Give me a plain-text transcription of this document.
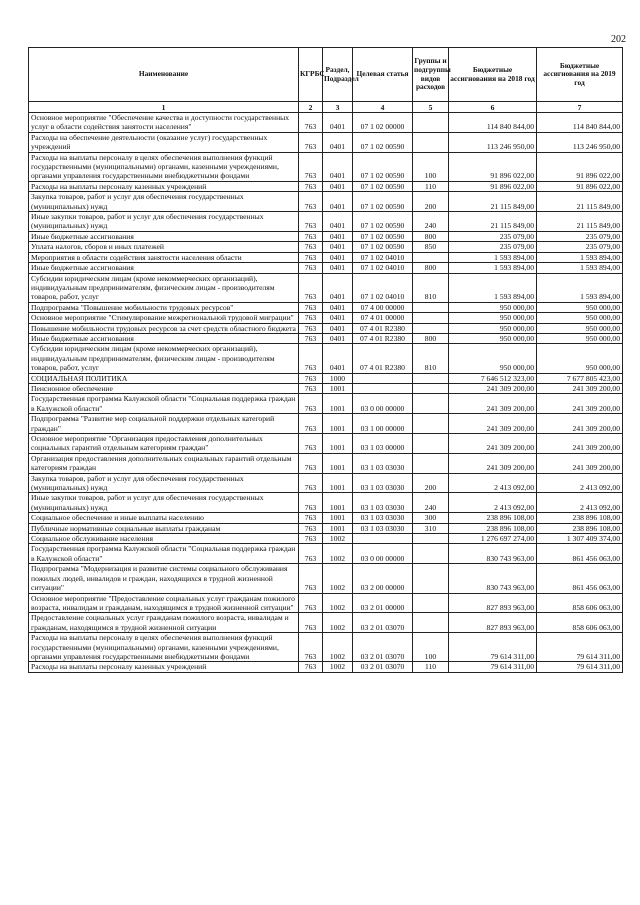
202
Наименование	КГРБС	Раздел, Подраздел	Целевая статья	Группы и подгруппы видов расходов	Бюджетные ассигнования на 2018 год	Бюджетные ассигнования на 2019 год
1	2	3	4	5	6	7
Основное мероприятие "Обеспечение качества и доступности государственных услуг в области содействия занятости населения"	763	0401	07 1 02 00000		114 840 844,00	114 840 844,00
Расходы на обеспечение деятельности (оказание услуг) государственных учреждений	763	0401	07 1 02 00590		113 246 950,00	113 246 950,00
Расходы на выплаты персоналу в целях обеспечения выполнения функций государственными (муниципальными) органами, казенными учреждениями, органами управления государственными внебюджетными фондами	763	0401	07 1 02 00590	100	91 896 022,00	91 896 022,00
Расходы на выплаты персоналу казенных учреждений	763	0401	07 1 02 00590	110	91 896 022,00	91 896 022,00
Закупка товаров, работ и услуг для обеспечения государственных (муниципальных) нужд	763	0401	07 1 02 00590	200	21 115 849,00	21 115 849,00
Иные закупки товаров, работ и услуг для обеспечения государственных (муниципальных) нужд	763	0401	07 1 02 00590	240	21 115 849,00	21 115 849,00
Иные бюджетные ассигнования	763	0401	07 1 02 00590	800	235 079,00	235 079,00
Уплата налогов, сборов и иных платежей	763	0401	07 1 02 00590	850	235 079,00	235 079,00
Мероприятия в области содействия занятости населения области	763	0401	07 1 02 04010		1 593 894,00	1 593 894,00
Иные бюджетные ассигнования	763	0401	07 1 02 04010	800	1 593 894,00	1 593 894,00
Субсидии юридическим лицам (кроме некоммерческих организаций), индивидуальным предпринимателям, физическим лицам - производителям товаров, работ, услуг	763	0401	07 1 02 04010	810	1 593 894,00	1 593 894,00
Подпрограмма "Повышение мобильности трудовых ресурсов"	763	0401	07 4 00 00000		950 000,00	950 000,00
Основное мероприятие "Стимулирование межрегиональной трудовой миграции"	763	0401	07 4 01 00000		950 000,00	950 000,00
Повышение мобильности трудовых ресурсов за счет средств областного бюджета	763	0401	07 4 01 R2380		950 000,00	950 000,00
Иные бюджетные ассигнования	763	0401	07 4 01 R2380	800	950 000,00	950 000,00
Субсидии юридическим лицам (кроме некоммерческих организаций), индивидуальным предпринимателям, физическим лицам - производителям товаров, работ, услуг	763	0401	07 4 01 R2380	810	950 000,00	950 000,00
СОЦИАЛЬНАЯ ПОЛИТИКА	763	1000			7 646 512 323,00	7 677 805 423,00
Пенсионное обеспечение	763	1001			241 309 200,00	241 309 200,00
Государственная программа Калужской области "Социальная поддержка граждан в Калужской области"	763	1001	03 0 00 00000		241 309 200,00	241 309 200,00
Подпрограмма "Развитие мер социальной поддержки отдельных категорий граждан"	763	1001	03 1 00 00000		241 309 200,00	241 309 200,00
Основное мероприятие "Организация предоставления дополнительных социальных гарантий отдельным категориям граждан"	763	1001	03 1 03 00000		241 309 200,00	241 309 200,00
Организация предоставления дополнительных социальных гарантий отдельным категориям граждан	763	1001	03 1 03 03030		241 309 200,00	241 309 200,00
Закупка товаров, работ и услуг для обеспечения государственных (муниципальных) нужд	763	1001	03 1 03 03030	200	2 413 092,00	2 413 092,00
Иные закупки товаров, работ и услуг для обеспечения государственных (муниципальных) нужд	763	1001	03 1 03 03030	240	2 413 092,00	2 413 092,00
Социальное обеспечение и иные выплаты населению	763	1001	03 1 03 03030	300	238 896 108,00	238 896 108,00
Публичные нормативные социальные выплаты гражданам	763	1001	03 1 03 03030	310	238 896 108,00	238 896 108,00
Социальное обслуживание населения	763	1002			1 276 697 274,00	1 307 409 374,00
Государственная программа Калужской области "Социальная поддержка граждан в Калужской области"	763	1002	03 0 00 00000		830 743 963,00	861 456 063,00
Подпрограмма "Модернизация и развитие системы социального обслуживания пожилых людей, инвалидов и граждан, находящихся в трудной жизненной ситуации"	763	1002	03 2 00 00000		830 743 963,00	861 456 063,00
Основное мероприятие "Предоставление социальных услуг гражданам пожилого возраста, инвалидам и гражданам, находящимся в трудной жизненной ситуации"	763	1002	03 2 01 00000		827 893 963,00	858 606 063,00
Предоставление социальных услуг гражданам пожилого возраста, инвалидам и гражданам, находящимся в трудной жизненной ситуации	763	1002	03 2 01 03070		827 893 963,00	858 606 063,00
Расходы на выплаты персоналу в целях обеспечения выполнения функций государственными (муниципальными) органами, казенными учреждениями, органами управления государственными внебюджетными фондами	763	1002	03 2 01 03070	100	79 614 311,00	79 614 311,00
Расходы на выплаты персоналу казенных учреждений	763	1002	03 2 01 03070	110	79 614 311,00	79 614 311,00
